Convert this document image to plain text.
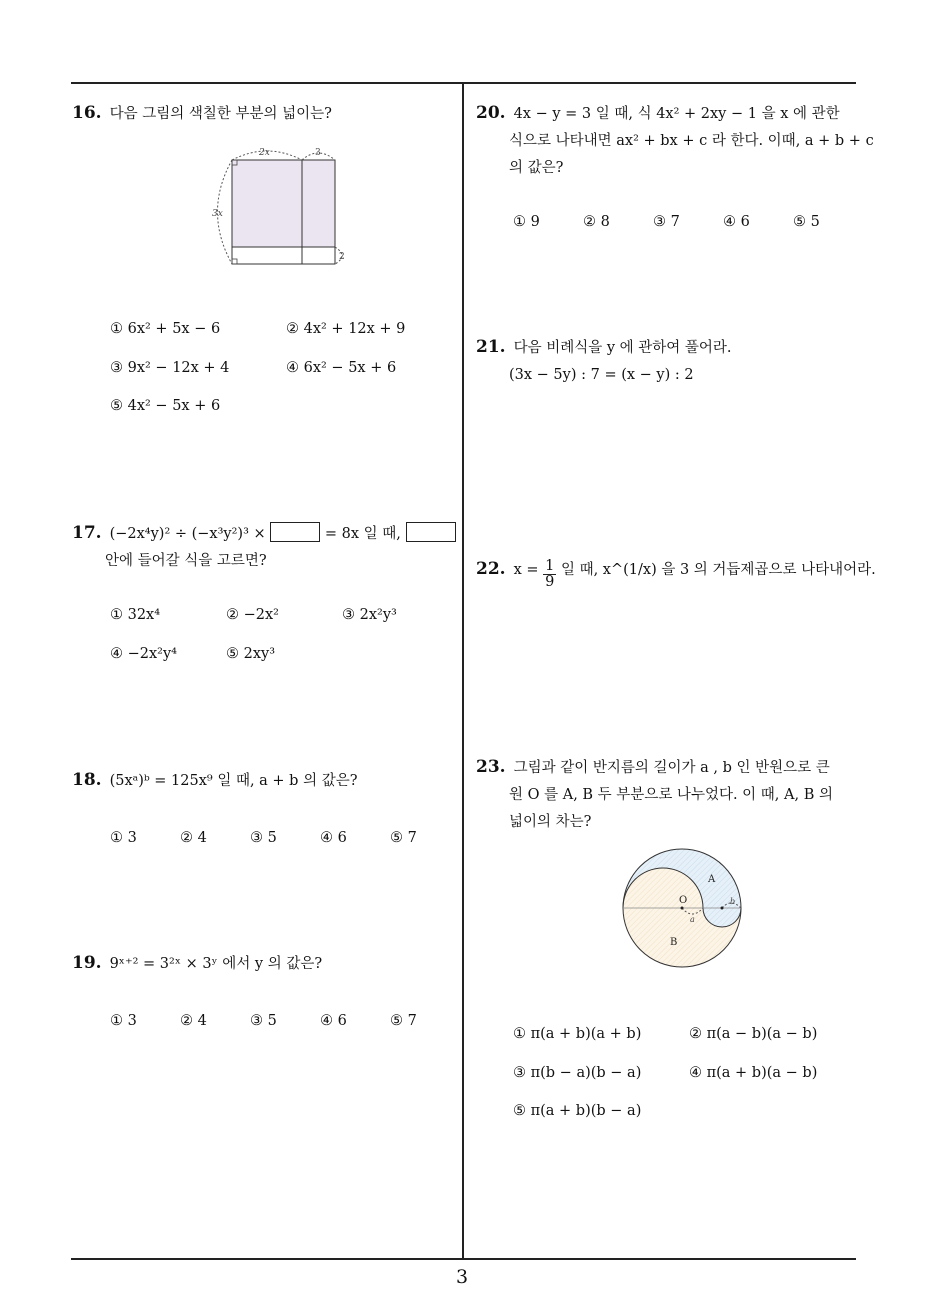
3
16. 다음 그림의 색칠한 부분의 넓이는?
2x	3
3x
2
① 6x² + 5x − 6	② 4x² + 12x + 9
③ 9x² − 12x + 4	④ 6x² − 5x + 6
⑤ 4x² − 5x + 6
17. (−2x⁴y)² ÷ (−x³y²)³ ×	= 8x 일 때,
안에 들어갈 식을 고르면?
① 32x⁴	② −2x²	③ 2x²y³
④ −2x²y⁴	⑤ 2xy³
18. (5xᵃ)ᵇ = 125x⁹ 일 때, a + b 의 값은?
① 3	② 4	③ 5	④ 6	⑤ 7
19. 9ˣ⁺² = 3²ˣ × 3ʸ 에서 y 의 값은?
① 3	② 4	③ 5	④ 6	⑤ 7
20. 4x − y = 3 일 때, 식 4x² + 2xy − 1 을 x 에 관한
식으로 나타내면 ax² + bx + c 라 한다. 이때, a + b + c
의 값은?
① 9	② 8	③ 7	④ 6	⑤ 5
21. 다음 비례식을 y 에 관하여 풀어라.
(3x − 5y) : 7 = (x − y) : 2
22. $x = \frac{1}{9}$ 일 때, x^(1/x) 을 3 의 거듭제곱으로 나타내어라.
23. 그림과 같이 반지름의 길이가 a , b 인 반원으로 큰
원 O 를 A, B 두 부분으로 나누었다. 이 때, A, B 의
넓이의 차는?
A
B
O
a
b
① π(a + b)(a + b)	② π(a − b)(a − b)
③ π(b − a)(b − a)	④ π(a + b)(a − b)
⑤ π(a + b)(b − a)
